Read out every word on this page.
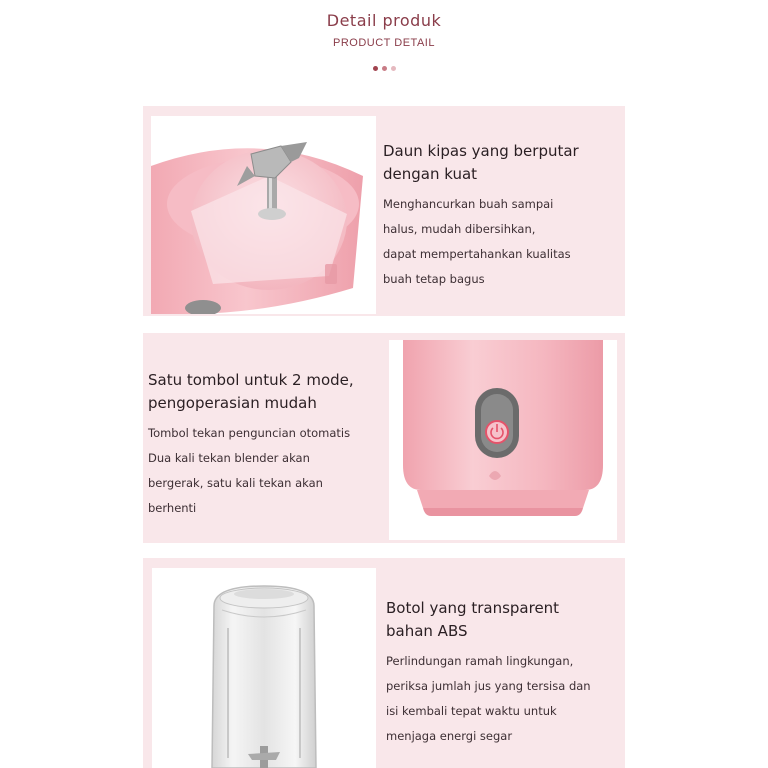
Detail produk
PRODUCT DETAIL

Daun kipas yang berputar
dengan kuat
Menghancurkan buah sampai
halus, mudah dibersihkan,
dapat mempertahankan kualitas
buah tetap bagus
Satu tombol untuk 2 mode,
pengoperasian mudah
Tombol tekan penguncian otomatis
Dua kali tekan blender akan
bergerak, satu kali tekan akan
berhenti
Botol yang transparent
bahan ABS
Perlindungan ramah lingkungan,
periksa jumlah jus yang tersisa dan
isi kembali tepat waktu untuk
menjaga energi segar
